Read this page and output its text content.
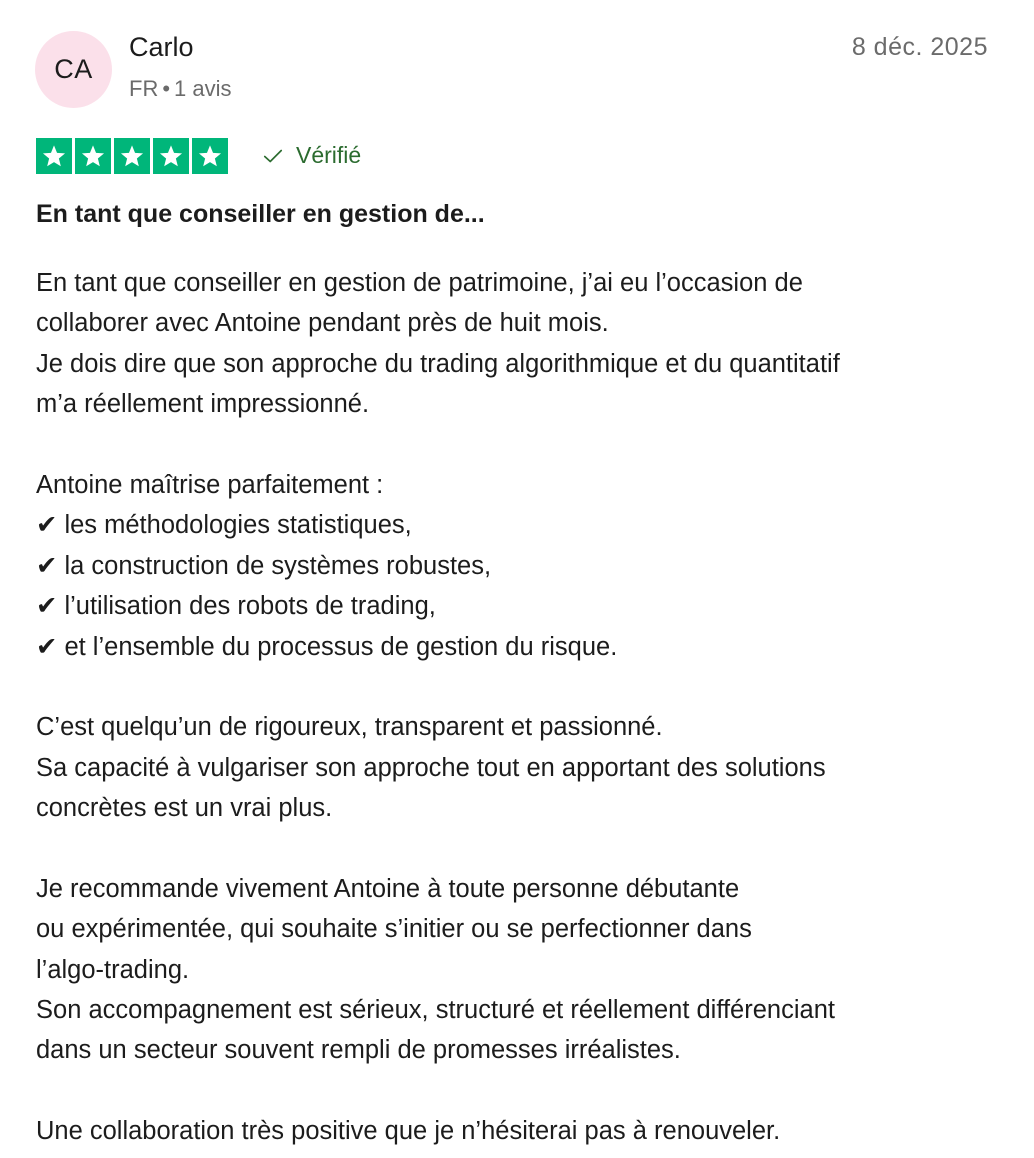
CA
Carlo
FR • 1 avis
8 déc. 2025
Vérifié
En tant que conseiller en gestion de...
En tant que conseiller en gestion de patrimoine, j’ai eu l’occasion de
collaborer avec Antoine pendant près de huit mois.
Je dois dire que son approche du trading algorithmique et du quantitatif
m’a réellement impressionné.
Antoine maîtrise parfaitement :
✔ les méthodologies statistiques,
✔ la construction de systèmes robustes,
✔ l’utilisation des robots de trading,
✔ et l’ensemble du processus de gestion du risque.
C’est quelqu’un de rigoureux, transparent et passionné.
Sa capacité à vulgariser son approche tout en apportant des solutions
concrètes est un vrai plus.
Je recommande vivement Antoine à toute personne débutante
ou expérimentée, qui souhaite s’initier ou se perfectionner dans
l’algo-trading.
Son accompagnement est sérieux, structuré et réellement différenciant
dans un secteur souvent rempli de promesses irréalistes.
Une collaboration très positive que je n’hésiterai pas à renouveler.
